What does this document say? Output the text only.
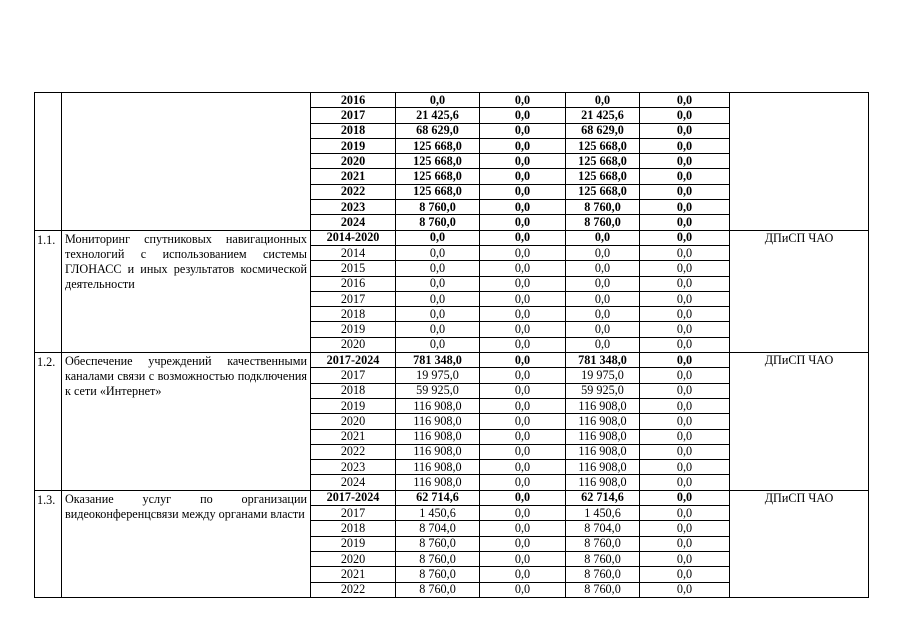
		2016	0,0	0,0	0,0	0,0	
		2017	21 425,6	0,0	21 425,6	0,0	
		2018	68 629,0	0,0	68 629,0	0,0	
		2019	125 668,0	0,0	125 668,0	0,0	
		2020	125 668,0	0,0	125 668,0	0,0	
		2021	125 668,0	0,0	125 668,0	0,0	
		2022	125 668,0	0,0	125 668,0	0,0	
		2023	8 760,0	0,0	8 760,0	0,0	
		2024	8 760,0	0,0	8 760,0	0,0	
1.1.	Мониторинг спутниковых навигационных технологий с использованием системы ГЛОНАСС и иных результатов космической деятельности	2014-2020	0,0	0,0	0,0	0,0	ДПиСП ЧАО
		2014	0,0	0,0	0,0	0,0	
		2015	0,0	0,0	0,0	0,0	
		2016	0,0	0,0	0,0	0,0	
		2017	0,0	0,0	0,0	0,0	
		2018	0,0	0,0	0,0	0,0	
		2019	0,0	0,0	0,0	0,0	
		2020	0,0	0,0	0,0	0,0	
1.2.	Обеспечение учреждений качественными каналами связи с возможностью подключения к сети «Интернет»	2017-2024	781 348,0	0,0	781 348,0	0,0	ДПиСП ЧАО
		2017	19 975,0	0,0	19 975,0	0,0	
		2018	59 925,0	0,0	59 925,0	0,0	
		2019	116 908,0	0,0	116 908,0	0,0	
		2020	116 908,0	0,0	116 908,0	0,0	
		2021	116 908,0	0,0	116 908,0	0,0	
		2022	116 908,0	0,0	116 908,0	0,0	
		2023	116 908,0	0,0	116 908,0	0,0	
		2024	116 908,0	0,0	116 908,0	0,0	
1.3.	Оказание услуг по организации видеоконференцсвязи между органами власти	2017-2024	62 714,6	0,0	62 714,6	0,0	ДПиСП ЧАО
		2017	1 450,6	0,0	1 450,6	0,0	
		2018	8 704,0	0,0	8 704,0	0,0	
		2019	8 760,0	0,0	8 760,0	0,0	
		2020	8 760,0	0,0	8 760,0	0,0	
		2021	8 760,0	0,0	8 760,0	0,0	
		2022	8 760,0	0,0	8 760,0	0,0	
